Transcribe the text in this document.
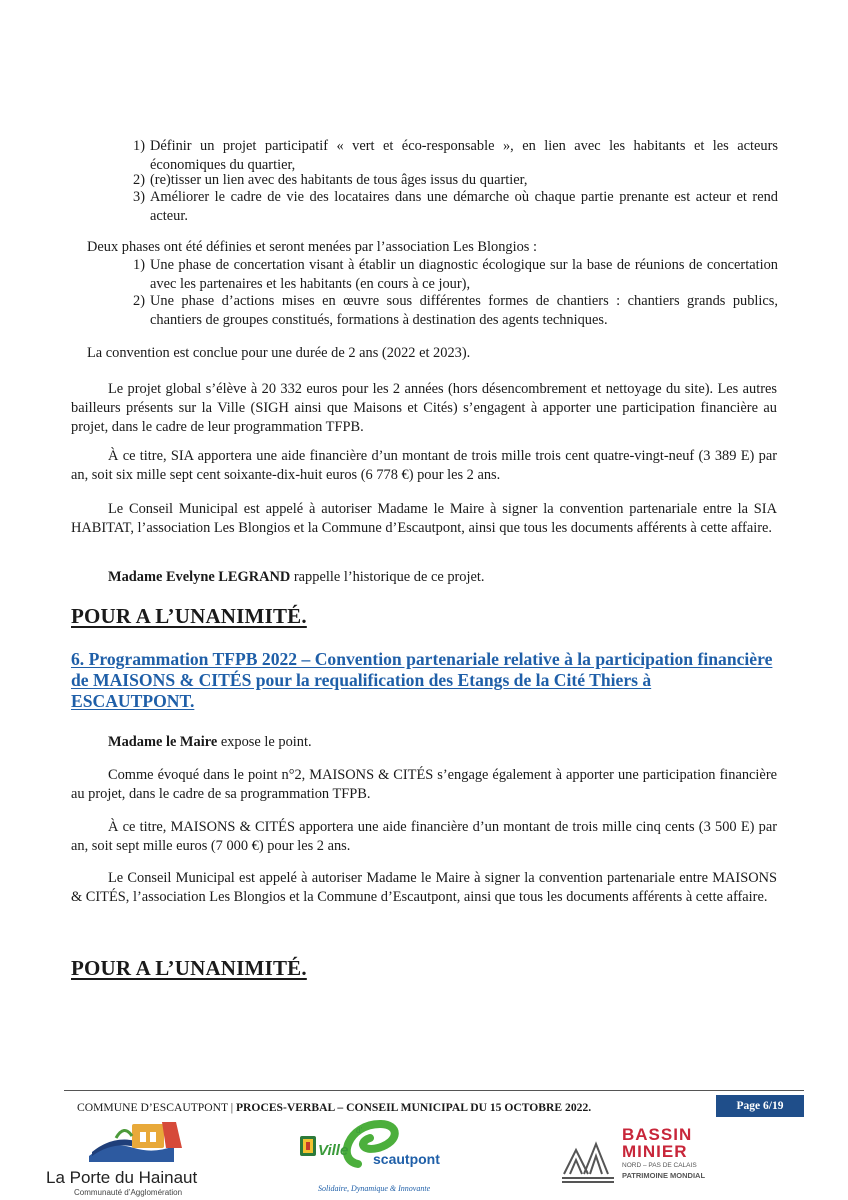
1) Définir un projet participatif « vert et éco-responsable », en lien avec les habitants et les acteurs économiques du quartier,
2) (re)tisser un lien avec des habitants de tous âges issus du quartier,
3) Améliorer le cadre de vie des locataires dans une démarche où chaque partie prenante est acteur et rend acteur.
Deux phases ont été définies et seront menées par l’association Les Blongios :
1) Une phase de concertation visant à établir un diagnostic écologique sur la base de réunions de concertation avec les partenaires et les habitants (en cours à ce jour),
2) Une phase d’actions mises en œuvre sous différentes formes de chantiers : chantiers grands publics, chantiers de groupes constitués, formations à destination des agents techniques.
La convention est conclue pour une durée de 2 ans (2022 et 2023).
Le projet global s’élève à 20 332 euros pour les 2 années (hors désencombrement et nettoyage du site). Les autres bailleurs présents sur la Ville (SIGH ainsi que Maisons et Cités) s’engagent à apporter une participation financière au projet, dans le cadre de leur programmation TFPB.
À ce titre, SIA apportera une aide financière d’un montant de trois mille trois cent quatre-vingt-neuf (3 389 E) par an, soit six mille sept cent soixante-dix-huit euros (6 778 €) pour les 2 ans.
Le Conseil Municipal est appelé à autoriser Madame le Maire à signer la convention partenariale entre la SIA HABITAT, l’association Les Blongios et la Commune d’Escautpont, ainsi que tous les documents afférents à cette affaire.
Madame Evelyne LEGRAND rappelle l’historique de ce projet.
POUR A L’UNANIMITÉ.
6. Programmation TFPB 2022 – Convention partenariale relative à la participation financière de MAISONS & CITÉS pour la requalification des Etangs de la Cité Thiers à ESCAUTPONT.
Madame le Maire expose le point.
Comme évoqué dans le point n°2, MAISONS & CITÉS s’engage également à apporter une participation financière au projet, dans le cadre de sa programmation TFPB.
À ce titre, MAISONS & CITÉS apportera une aide financière d’un montant de trois mille cinq cents (3 500 E) par an, soit sept mille euros (7 000 €) pour les 2 ans.
Le Conseil Municipal est appelé à autoriser Madame le Maire à signer la convention partenariale entre MAISONS & CITÉS, l’association Les Blongios et la Commune d’Escautpont, ainsi que tous les documents afférents à cette affaire.
POUR A L’UNANIMITÉ.
COMMUNE D’ESCAUTPONT | PROCES-VERBAL – CONSEIL MUNICIPAL DU 15 OCTOBRE 2022.	Page 6/19
La Porte du Hainaut
Communauté d’Agglomération
Ville
d’
scautpont
Solidaire, Dynamique & Innovante
BASSIN
MINIER
NORD – PAS DE CALAIS
PATRIMOINE MONDIAL
